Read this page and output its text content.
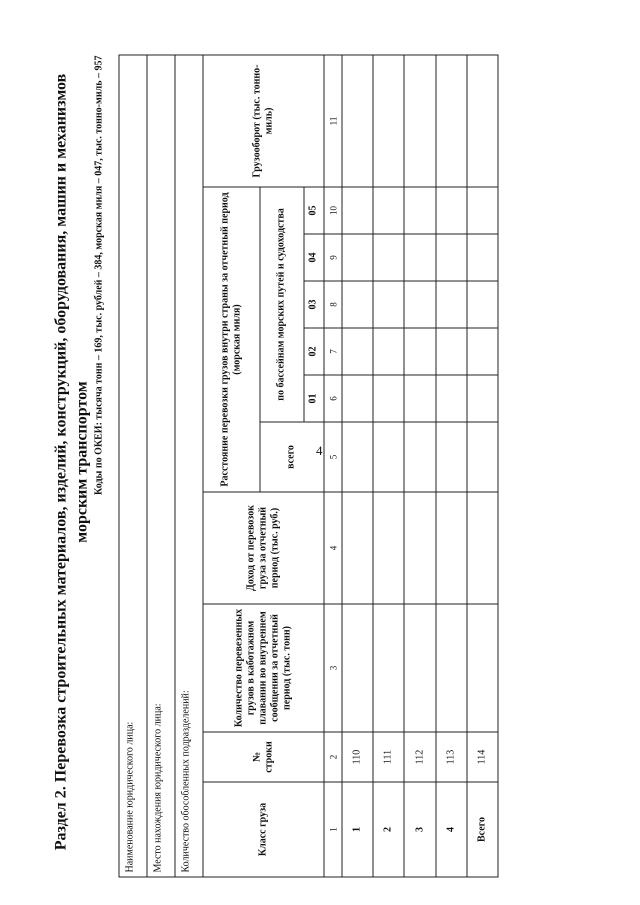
4
Раздел 2. Перевозка строительных материалов, изделий, конструкций, оборудования, машин и механизмов морским транспортом Коды по ОКЕИ: тысяча тонн – 169, тыс. рублей – 384, морская миля – 047, тыс. тонно-миль – 957
Наименование юридического лица:										
Место нахождения юридического лица:										
Количество обособленных подразделений:										
Класс груза	№ строки	Количество перевезенных грузов в каботажном плавании во внутреннем сообщении за отчетный период (тыс. тонн)	Доход от перевозок груза за отчетный период (тыс. руб.)	Расстояние перевозки грузов внутри страны за отчетный период (морская миля)						Грузооборот (тыс. тонно-миль)
				всего	по бассейнам морских путей и судоходства					
					01	02	03	04	05	
1	2	3	4	5	6	7	8	9	10	11
1	110									
2	111									
3	112									
4	113									
Всего	114									
